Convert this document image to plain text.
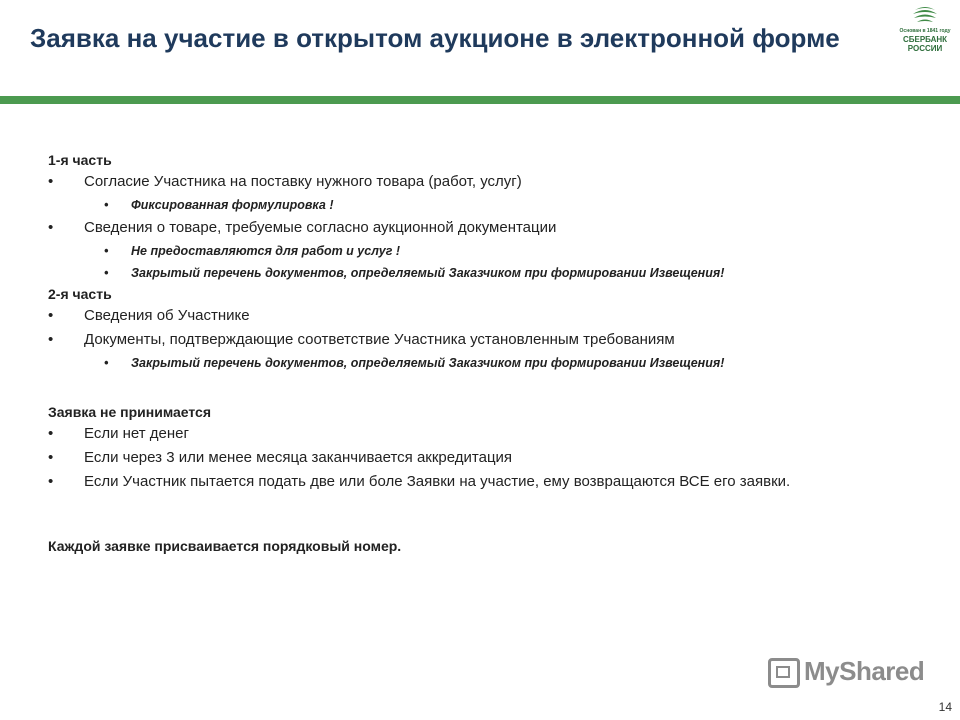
Заявка на участие в открытом аукционе в электронной форме	Основан в 1841 году
СБЕРБАНК
РОССИИ
1-я часть
• Согласие Участника на поставку нужного товара (работ, услуг)
• Фиксированная формулировка !
• Сведения о товаре, требуемые согласно аукционной документации
• Не предоставляются для работ и услуг !
• Закрытый перечень документов, определяемый Заказчиком при формировании Извещения!
2-я часть
• Сведения об Участнике
• Документы, подтверждающие соответствие Участника установленным требованиям
• Закрытый перечень документов, определяемый Заказчиком при формировании Извещения!
Заявка не принимается
• Если нет денег
• Если через 3 или менее месяца заканчивается аккредитация
• Если Участник пытается подать две или боле Заявки на участие, ему возвращаются ВСЕ его заявки.
Каждой заявке присваивается порядковый номер.
MyShared
14
